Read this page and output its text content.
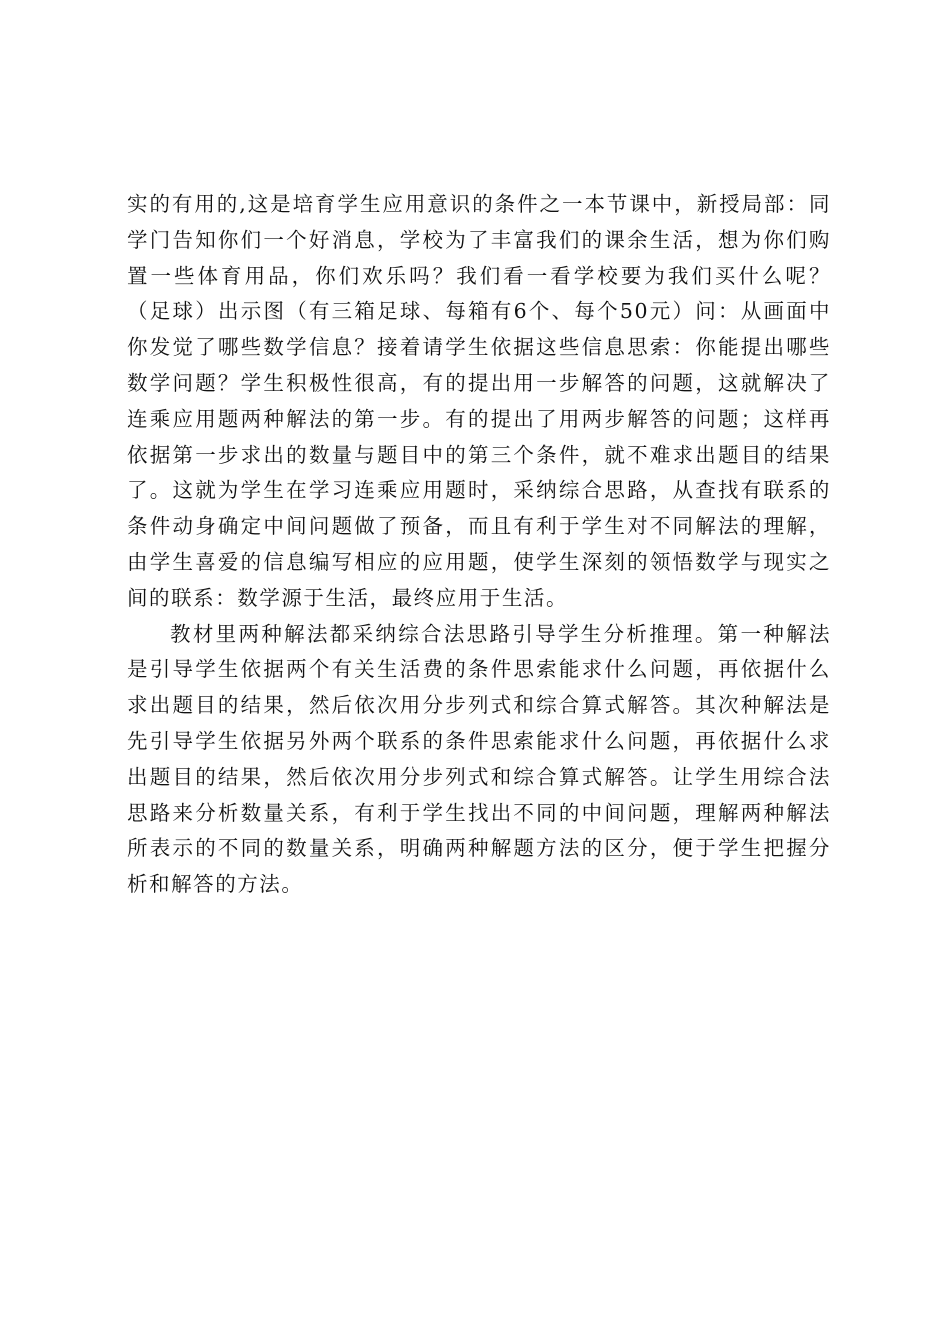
实的有用的,这是培育学生应用意识的条件之一本节课中，新授局部：同学门告知你们一个好消息，学校为了丰富我们的课余生活，想为你们购置一些体育用品，你们欢乐吗？我们看一看学校要为我们买什么呢？（足球）出示图（有三箱足球、每箱有6个、每个50元）问：从画面中你发觉了哪些数学信息？接着请学生依据这些信息思索：你能提出哪些数学问题？学生积极性很高，有的提出用一步解答的问题，这就解决了连乘应用题两种解法的第一步。有的提出了用两步解答的问题；这样再依据第一步求出的数量与题目中的第三个条件，就不难求出题目的结果了。这就为学生在学习连乘应用题时，采纳综合思路，从查找有联系的条件动身确定中间问题做了预备，而且有利于学生对不同解法的理解，由学生喜爱的信息编写相应的应用题，使学生深刻的领悟数学与现实之间的联系：数学源于生活，最终应用于生活。

教材里两种解法都采纳综合法思路引导学生分析推理。第一种解法是引导学生依据两个有关生活费的条件思索能求什么问题，再依据什么求出题目的结果，然后依次用分步列式和综合算式解答。其次种解法是先引导学生依据另外两个联系的条件思索能求什么问题，再依据什么求出题目的结果，然后依次用分步列式和综合算式解答。让学生用综合法思路来分析数量关系，有利于学生找出不同的中间问题，理解两种解法所表示的不同的数量关系，明确两种解题方法的区分，便于学生把握分析和解答的方法。
